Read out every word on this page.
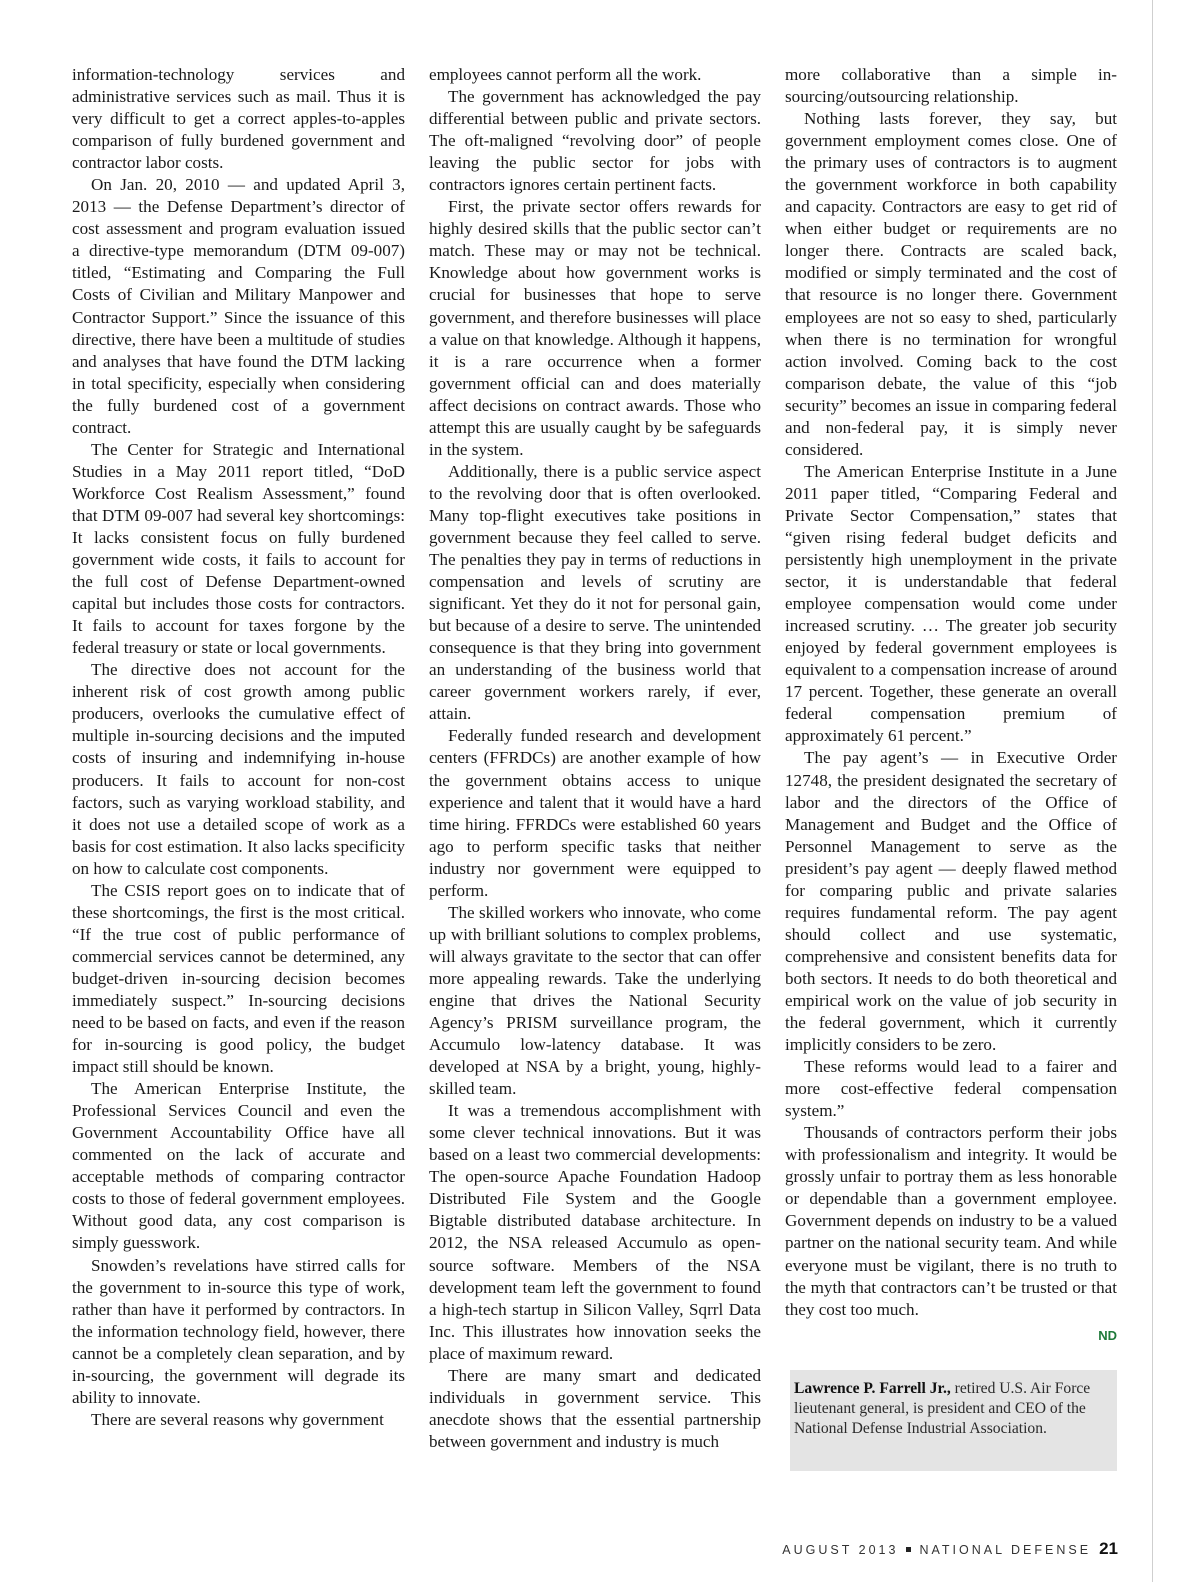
information-technology services and administrative services such as mail. Thus it is very difficult to get a correct apples-to-apples comparison of fully burdened government and contractor labor costs.

On Jan. 20, 2010 — and updated April 3, 2013 — the Defense Department’s director of cost assessment and program evaluation issued a directive-type memorandum (DTM 09-007) titled, “Estimating and Comparing the Full Costs of Civilian and Military Manpower and Contractor Support.” Since the issuance of this directive, there have been a multitude of studies and analyses that have found the DTM lacking in total specificity, especially when considering the fully burdened cost of a government contract.

The Center for Strategic and International Studies in a May 2011 report titled, “DoD Workforce Cost Realism Assessment,” found that DTM 09-007 had several key shortcomings: It lacks consistent focus on fully burdened government wide costs, it fails to account for the full cost of Defense Department-owned capital but includes those costs for contractors. It fails to account for taxes forgone by the federal treasury or state or local governments.

The directive does not account for the inherent risk of cost growth among public producers, overlooks the cumulative effect of multiple in-sourcing decisions and the imputed costs of insuring and indemnifying in-house producers. It fails to account for non-cost factors, such as varying workload stability, and it does not use a detailed scope of work as a basis for cost estimation. It also lacks specificity on how to calculate cost components.

The CSIS report goes on to indicate that of these shortcomings, the first is the most critical. “If the true cost of public performance of commercial services cannot be determined, any budget-driven in-sourcing decision becomes immediately suspect.” In-sourcing decisions need to be based on facts, and even if the reason for in-sourcing is good policy, the budget impact still should be known.

The American Enterprise Institute, the Professional Services Council and even the Government Accountability Office have all commented on the lack of accurate and acceptable methods of comparing contractor costs to those of federal government employees. Without good data, any cost comparison is simply guesswork.

Snowden’s revelations have stirred calls for the government to in-source this type of work, rather than have it performed by contractors. In the information technology field, however, there cannot be a completely clean separation, and by in-sourcing, the government will degrade its ability to innovate.

There are several reasons why government

employees cannot perform all the work.

The government has acknowledged the pay differential between public and private sectors. The oft-maligned “revolving door” of people leaving the public sector for jobs with contractors ignores certain pertinent facts.

First, the private sector offers rewards for highly desired skills that the public sector can’t match. These may or may not be technical. Knowledge about how government works is crucial for businesses that hope to serve government, and therefore businesses will place a value on that knowledge. Although it happens, it is a rare occurrence when a former government official can and does materially affect decisions on contract awards. Those who attempt this are usually caught by be safeguards in the system.

Additionally, there is a public service aspect to the revolving door that is often overlooked. Many top-flight executives take positions in government because they feel called to serve. The penalties they pay in terms of reductions in compensation and levels of scrutiny are significant. Yet they do it not for personal gain, but because of a desire to serve. The unintended consequence is that they bring into government an understanding of the business world that career government workers rarely, if ever, attain.

Federally funded research and development centers (FFRDCs) are another example of how the government obtains access to unique experience and talent that it would have a hard time hiring. FFRDCs were established 60 years ago to perform specific tasks that neither industry nor government were equipped to perform.

The skilled workers who innovate, who come up with brilliant solutions to complex problems, will always gravitate to the sector that can offer more appealing rewards. Take the underlying engine that drives the National Security Agency’s PRISM surveillance program, the Accumulo low-latency database. It was developed at NSA by a bright, young, highly-skilled team.

It was a tremendous accomplishment with some clever technical innovations. But it was based on a least two commercial developments: The open-source Apache Foundation Hadoop Distributed File System and the Google Bigtable distributed database architecture. In 2012, the NSA released Accumulo as open-source software. Members of the NSA development team left the government to found a high-tech startup in Silicon Valley, Sqrrl Data Inc. This illustrates how innovation seeks the place of maximum reward.

There are many smart and dedicated individuals in government service. This anecdote shows that the essential partnership between government and industry is much

more collaborative than a simple in-sourcing/outsourcing relationship.

Nothing lasts forever, they say, but government employment comes close. One of the primary uses of contractors is to augment the government workforce in both capability and capacity. Contractors are easy to get rid of when either budget or requirements are no longer there. Contracts are scaled back, modified or simply terminated and the cost of that resource is no longer there. Government employees are not so easy to shed, particularly when there is no termination for wrongful action involved. Coming back to the cost comparison debate, the value of this “job security” becomes an issue in comparing federal and non-federal pay, it is simply never considered.

The American Enterprise Institute in a June 2011 paper titled, “Comparing Federal and Private Sector Compensation,” states that “given rising federal budget deficits and persistently high unemployment in the private sector, it is understandable that federal employee compensation would come under increased scrutiny. … The greater job security enjoyed by federal government employees is equivalent to a compensation increase of around 17 percent. Together, these generate an overall federal compensation premium of approximately 61 percent.”

The pay agent’s — in Executive Order 12748, the president designated the secretary of labor and the directors of the Office of Management and Budget and the Office of Personnel Management to serve as the president’s pay agent — deeply flawed method for comparing public and private salaries requires fundamental reform. The pay agent should collect and use systematic, comprehensive and consistent benefits data for both sectors. It needs to do both theoretical and empirical work on the value of job security in the federal government, which it currently implicitly considers to be zero.

These reforms would lead to a fairer and more cost-effective federal compensation system.”

Thousands of contractors perform their jobs with professionalism and integrity. It would be grossly unfair to portray them as less honorable or dependable than a government employee. Government depends on industry to be a valued partner on the national security team. And while everyone must be vigilant, there is no truth to the myth that contractors can’t be trusted or that they cost too much.

ND
Lawrence P. Farrell Jr., retired U.S. Air Force lieutenant general, is president and CEO of the National Defense Industrial Association.
AUGUST 2013 NATIONAL DEFENSE 21
